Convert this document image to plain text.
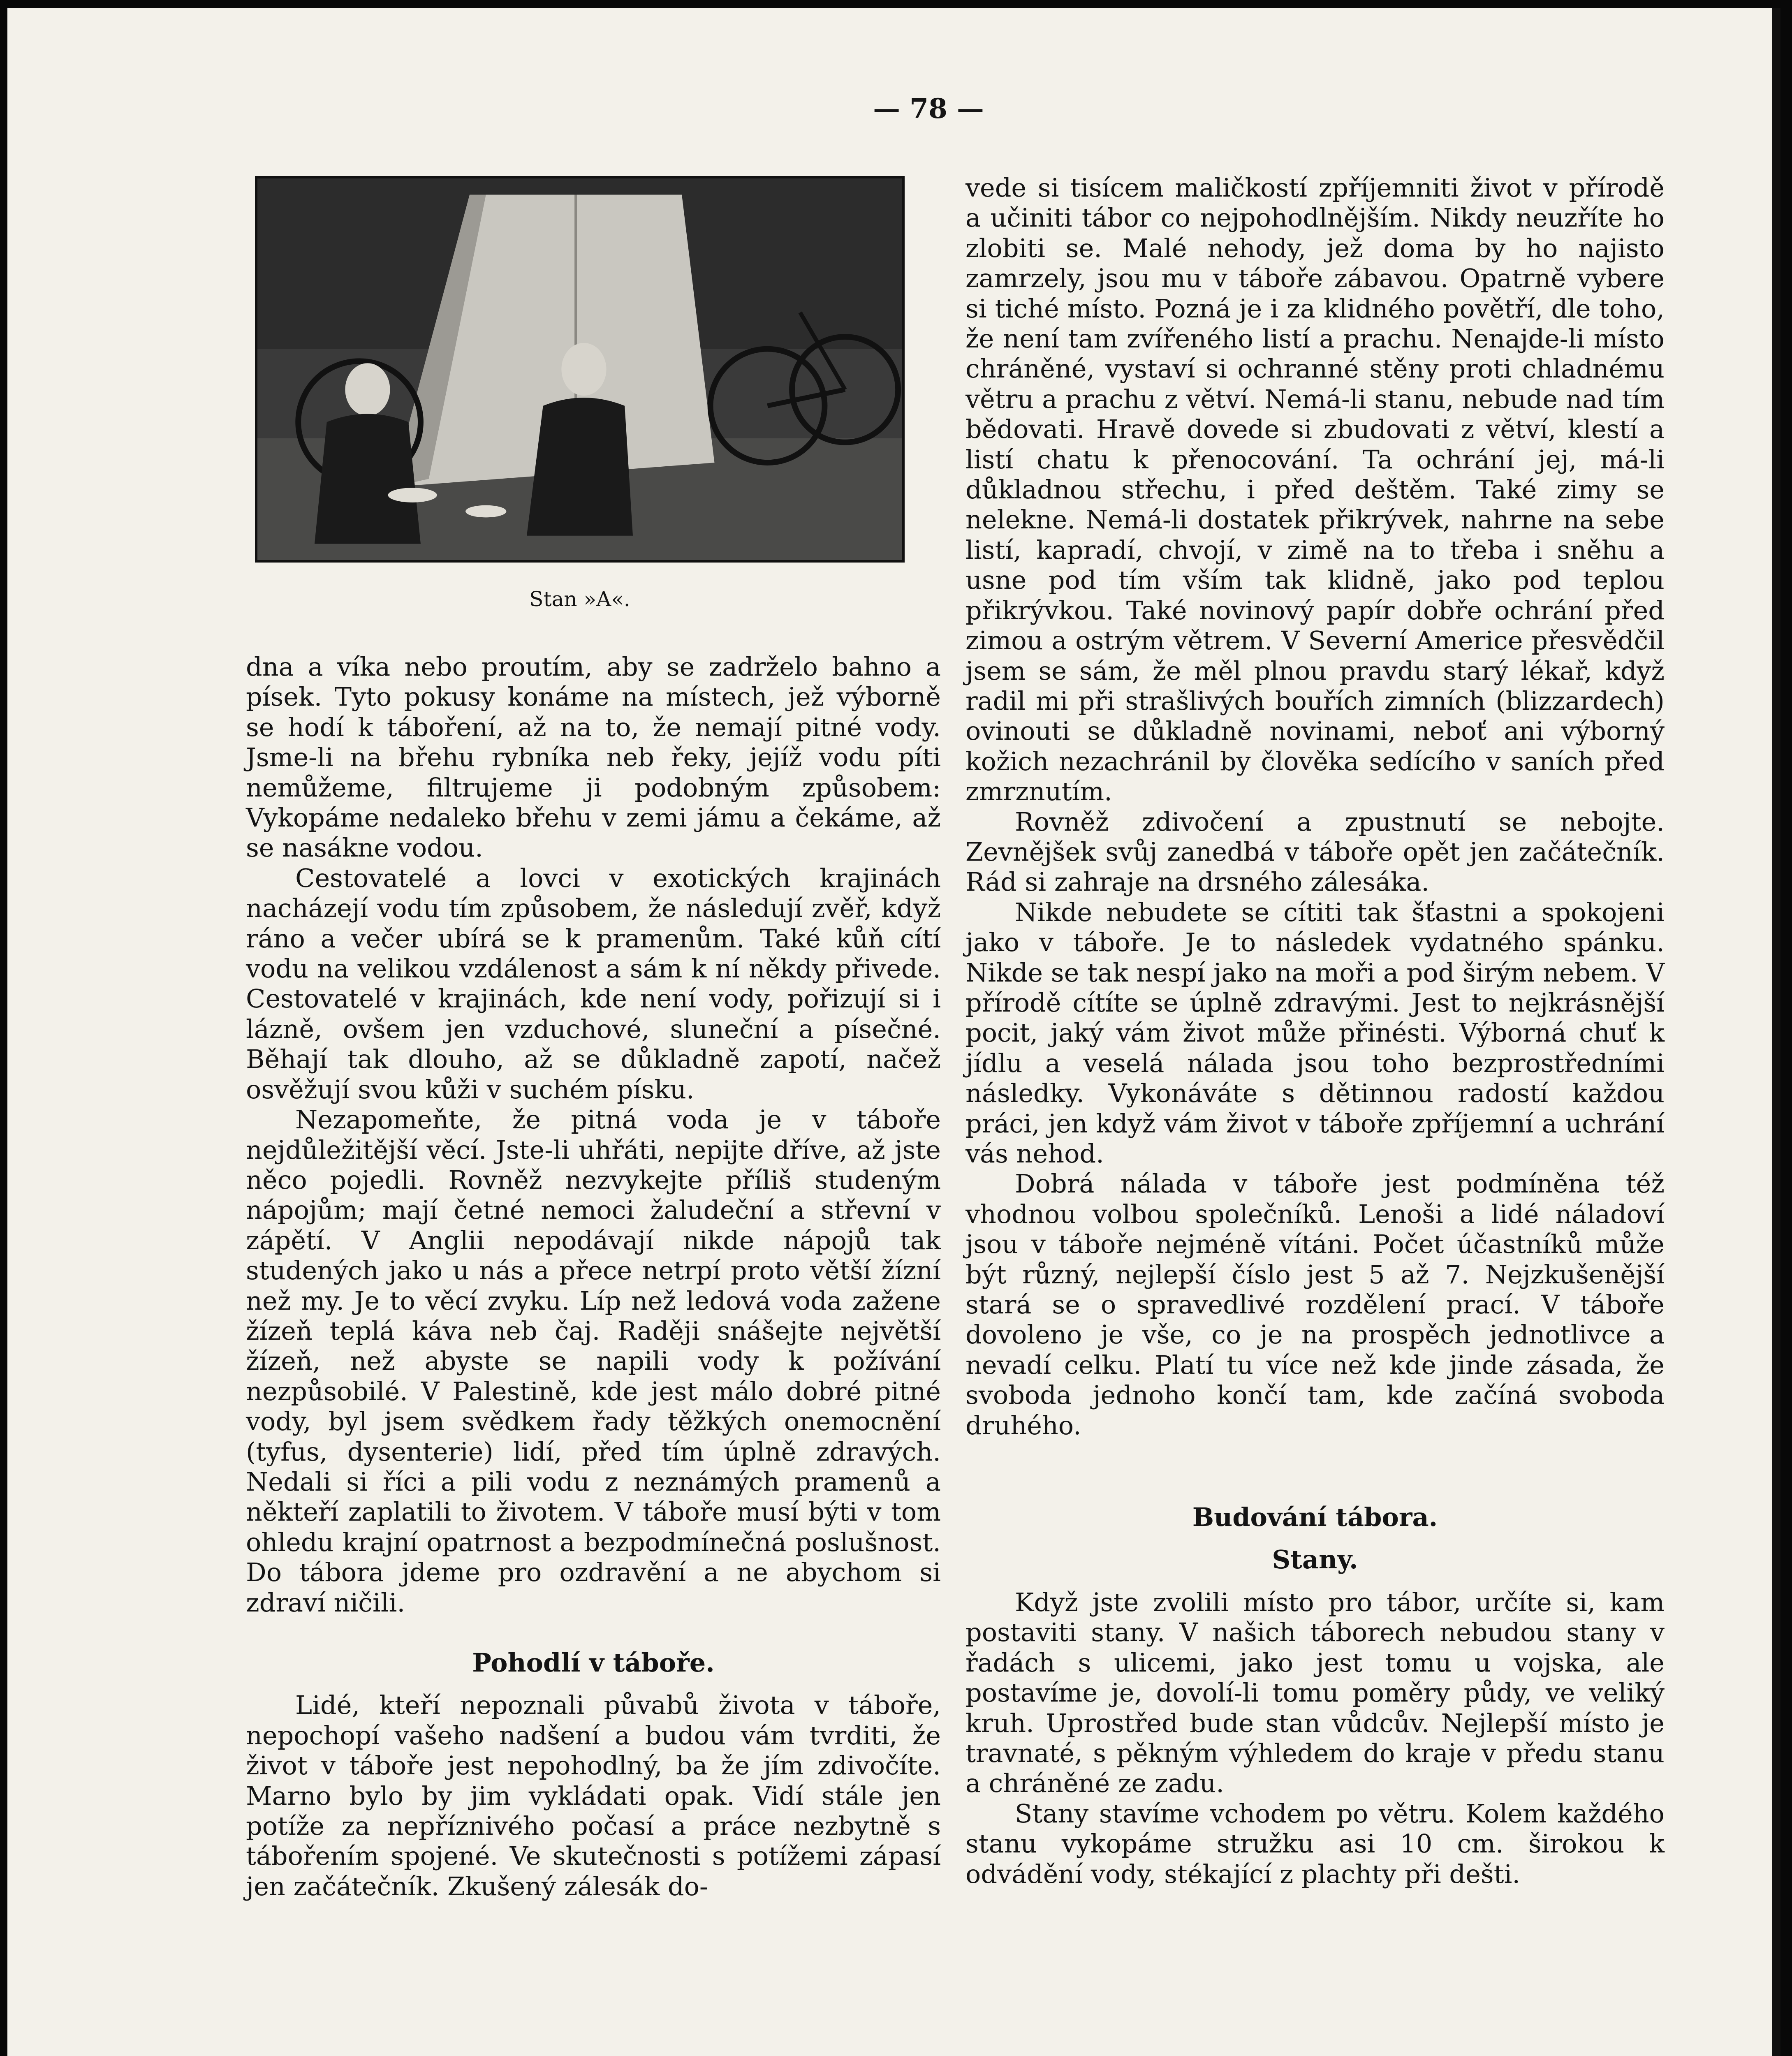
— 78 —
Stan »A«.

dna a víka nebo proutím, aby se zadrželo bahno a písek. Tyto pokusy konáme na místech, jež výborně se hodí k táboření, až na to, že nemají pitné vody. Jsme-li na břehu rybníka neb řeky, jejíž vodu píti nemůžeme, filtrujeme ji podobným způsobem: Vykopáme nedaleko břehu v zemi jámu a čekáme, až se nasákne vodou.

Cestovatelé a lovci v exotických krajinách nacházejí vodu tím způsobem, že následují zvěř, když ráno a večer ubírá se k pramenům. Také kůň cítí vodu na velikou vzdálenost a sám k ní někdy přivede. Cestovatelé v krajinách, kde není vody, pořizují si i lázně, ovšem jen vzduchové, sluneční a písečné. Běhají tak dlouho, až se důkladně zapotí, načež osvěžují svou kůži v suchém písku.

Nezapomeňte, že pitná voda je v táboře nejdůležitější věcí. Jste-li uhřáti, nepijte dříve, až jste něco pojedli. Rovněž nezvykejte příliš studeným nápojům; mají četné nemoci žaludeční a střevní v zápětí. V Anglii nepodávají nikde nápojů tak studených jako u nás a přece netrpí proto větší žízní než my. Je to věcí zvyku. Líp než ledová voda zažene žízeň teplá káva neb čaj. Raději snášejte největší žízeň, než abyste se napili vody k požívání nezpůsobilé. V Palestině, kde jest málo dobré pitné vody, byl jsem svědkem řady těžkých onemocnění (tyfus, dysenterie) lidí, před tím úplně zdravých. Nedali si říci a pili vodu z neznámých pramenů a někteří zaplatili to životem. V táboře musí býti v tom ohledu krajní opatrnost a bezpodmínečná poslušnost. Do tábora jdeme pro ozdravění a ne abychom si zdraví ničili.

Pohodlí v táboře.

Lidé, kteří nepoznali půvabů života v táboře, nepochopí vašeho nadšení a budou vám tvrditi, že život v táboře jest nepohodlný, ba že jím zdivočíte. Marno bylo by jim vykládati opak. Vidí stále jen potíže za nepříznivého počasí a práce nezbytně s tábořením spojené. Ve skutečnosti s potížemi zápasí jen začátečník. Zkušený zálesák do-

vede si tisícem maličkostí zpříjemniti život v přírodě a učiniti tábor co nejpohodlnějším. Nikdy neuzříte ho zlobiti se. Malé nehody, jež doma by ho najisto zamrzely, jsou mu v táboře zábavou. Opatrně vybere si tiché místo. Pozná je i za klidného povětří, dle toho, že není tam zvířeného listí a prachu. Nenajde-li místo chráněné, vystaví si ochranné stěny proti chladnému větru a prachu z větví. Nemá-li stanu, nebude nad tím bědovati. Hravě dovede si zbudovati z větví, klestí a listí chatu k přenocování. Ta ochrání jej, má-li důkladnou střechu, i před deštěm. Také zimy se nelekne. Nemá-li dostatek přikrývek, nahrne na sebe listí, kapradí, chvojí, v zimě na to třeba i sněhu a usne pod tím vším tak klidně, jako pod teplou přikrývkou. Také novinový papír dobře ochrání před zimou a ostrým větrem. V Severní Americe přesvědčil jsem se sám, že měl plnou pravdu starý lékař, když radil mi při strašlivých bouřích zimních (blizzardech) ovinouti se důkladně novinami, neboť ani výborný kožich nezachránil by člověka sedícího v saních před zmrznutím.

Rovněž zdivočení a zpustnutí se nebojte. Zevnějšek svůj zanedbá v táboře opět jen začátečník. Rád si zahraje na drsného zálesáka.

Nikde nebudete se cítiti tak šťastni a spokojeni jako v táboře. Je to následek vydatného spánku. Nikde se tak nespí jako na moři a pod širým nebem. V přírodě cítíte se úplně zdravými. Jest to nejkrásnější pocit, jaký vám život může přinésti. Výborná chuť k jídlu a veselá nálada jsou toho bezprostředními následky. Vykonáváte s dětinnou radostí každou práci, jen když vám život v táboře zpříjemní a uchrání vás nehod.

Dobrá nálada v táboře jest podmíněna též vhodnou volbou společníků. Lenoši a lidé náladoví jsou v táboře nejméně vítáni. Počet účastníků může být různý, nejlepší číslo jest 5 až 7. Nejzkušenější stará se o spravedlivé rozdělení prací. V táboře dovoleno je vše, co je na prospěch jednotlivce a nevadí celku. Platí tu více než kde jinde zásada, že svoboda jednoho končí tam, kde začíná svoboda druhého.

Budování tábora.
Stany.

Když jste zvolili místo pro tábor, určíte si, kam postaviti stany. V našich táborech nebudou stany v řadách s ulicemi, jako jest tomu u vojska, ale postavíme je, dovolí-li tomu poměry půdy, ve veliký kruh. Uprostřed bude stan vůdcův. Nejlepší místo je travnaté, s pěkným výhledem do kraje v předu stanu a chráněné ze zadu.

Stany stavíme vchodem po větru. Kolem každého stanu vykopáme stružku asi 10 cm. širokou k odvádění vody, stékající z plachty při dešti.
